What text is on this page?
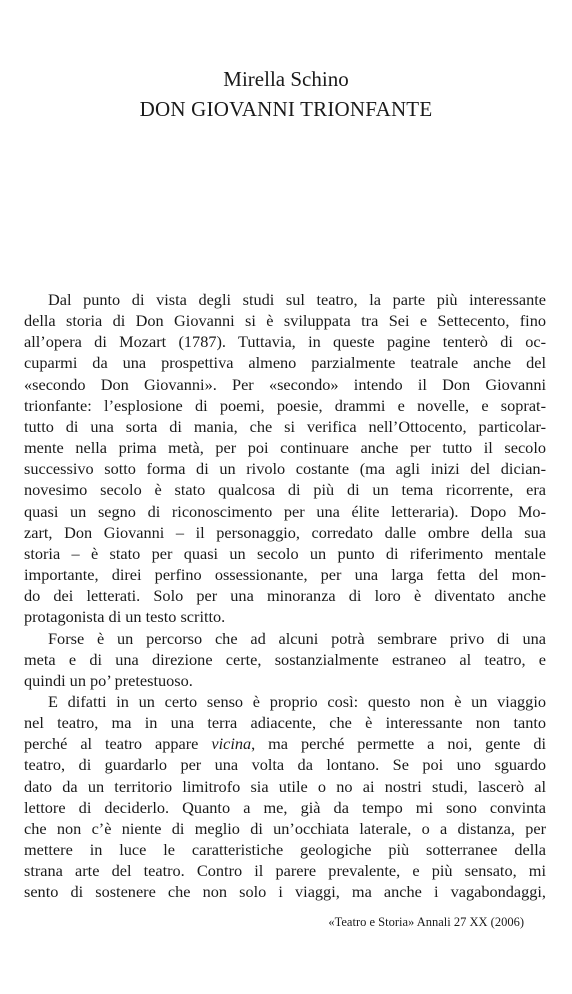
Mirella Schino
DON GIOVANNI TRIONFANTE
Dal punto di vista degli studi sul teatro, la parte più interessante
della storia di Don Giovanni si è sviluppata tra Sei e Settecento, fino
all’opera di Mozart (1787). Tuttavia, in queste pagine tenterò di oc-
cuparmi da una prospettiva almeno parzialmente teatrale anche del
«secondo Don Giovanni». Per «secondo» intendo il Don Giovanni
trionfante: l’esplosione di poemi, poesie, drammi e novelle, e soprat-
tutto di una sorta di mania, che si verifica nell’Ottocento, particolar-
mente nella prima metà, per poi continuare anche per tutto il secolo
successivo sotto forma di un rivolo costante (ma agli inizi del dician-
novesimo secolo è stato qualcosa di più di un tema ricorrente, era
quasi un segno di riconoscimento per una élite letteraria). Dopo Mo-
zart, Don Giovanni – il personaggio, corredato dalle ombre della sua
storia – è stato per quasi un secolo un punto di riferimento mentale
importante, direi perfino ossessionante, per una larga fetta del mon-
do dei letterati. Solo per una minoranza di loro è diventato anche
protagonista di un testo scritto.
Forse è un percorso che ad alcuni potrà sembrare privo di una
meta e di una direzione certe, sostanzialmente estraneo al teatro, e
quindi un po’ pretestuoso.
E difatti in un certo senso è proprio così: questo non è un viaggio
nel teatro, ma in una terra adiacente, che è interessante non tanto
perché al teatro appare vicina, ma perché permette a noi, gente di
teatro, di guardarlo per una volta da lontano. Se poi uno sguardo
dato da un territorio limitrofo sia utile o no ai nostri studi, lascerò al
lettore di deciderlo. Quanto a me, già da tempo mi sono convinta
che non c’è niente di meglio di un’occhiata laterale, o a distanza, per
mettere in luce le caratteristiche geologiche più sotterranee della
strana arte del teatro. Contro il parere prevalente, e più sensato, mi
sento di sostenere che non solo i viaggi, ma anche i vagabondaggi,
«Teatro e Storia» Annali 27 XX (2006)
